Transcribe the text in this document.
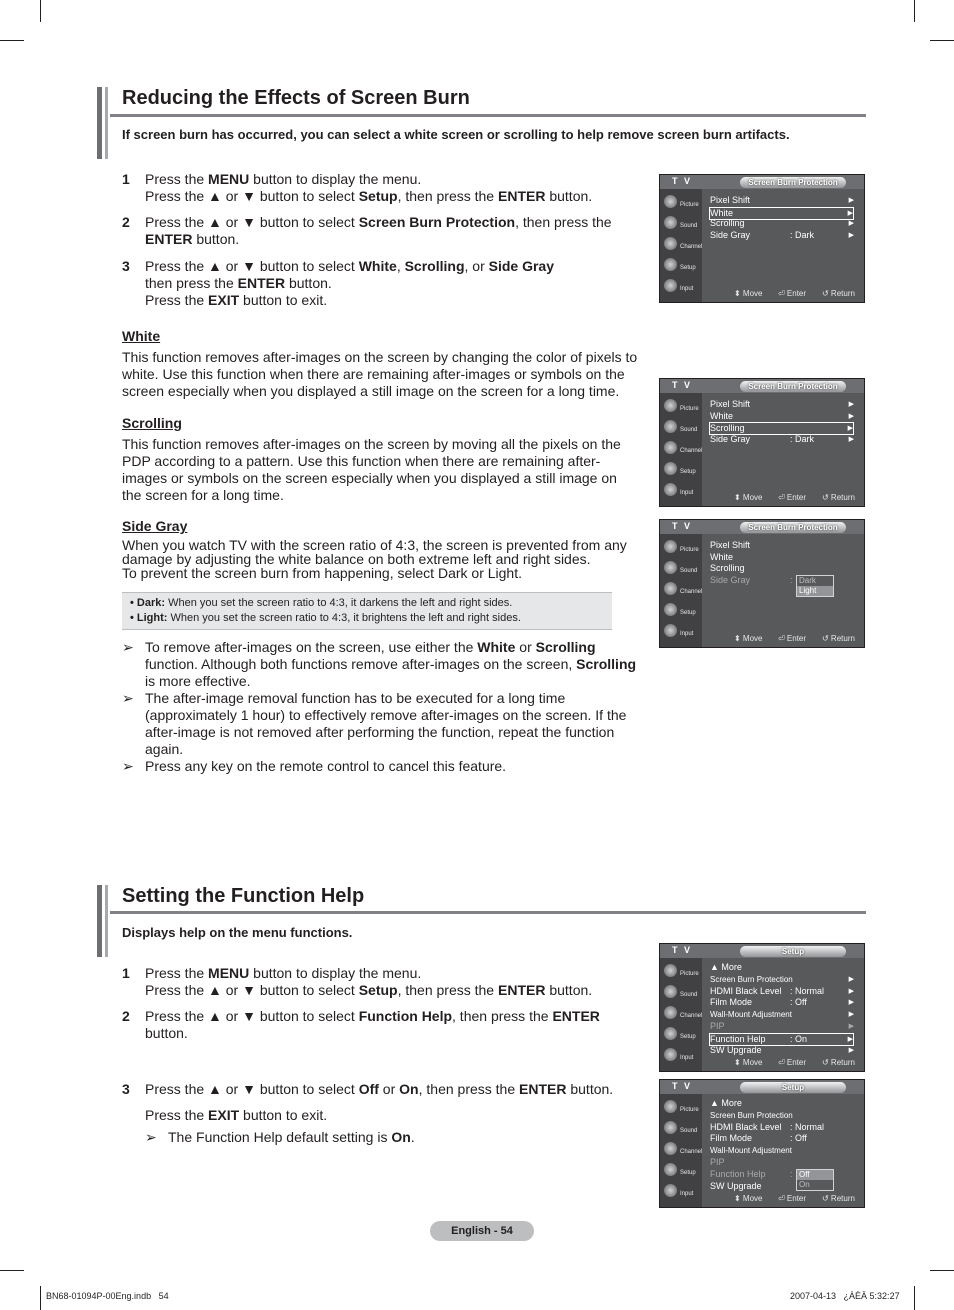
Reducing the Effects of Screen Burn
If screen burn has occurred, you can select a white screen or scrolling to help remove screen burn artifacts.
1 Press the MENU button to display the menu.
Press the ▲ or ▼ button to select Setup, then press the ENTER button.
2 Press the ▲ or ▼ button to select Screen Burn Protection, then press the ENTER button.
3 Press the ▲ or ▼ button to select White, Scrolling, or Side Gray
then press the ENTER button.
Press the EXIT button to exit.
White
This function removes after-images on the screen by changing the color of pixels to white. Use this function when there are remaining after-images or symbols on the screen especially when you displayed a still image on the screen for a long time.
Scrolling
This function removes after-images on the screen by moving all the pixels on the PDP according to a pattern. Use this function when there are remaining after-images or symbols on the screen especially when you displayed a still image on the screen for a long time.
Side Gray
When you watch TV with the screen ratio of 4:3, the screen is prevented from any damage by adjusting the white balance on both extreme left and right sides.
To prevent the screen burn from happening, select Dark or Light.
• Dark: When you set the screen ratio to 4:3, it darkens the left and right sides.
• Light: When you set the screen ratio to 4:3, it brightens the left and right sides.
➢ To remove after-images on the screen, use either the White or Scrolling function. Although both functions remove after-images on the screen, Scrolling is more effective.
➢ The after-image removal function has to be executed for a long time (approximately 1 hour) to effectively remove after-images on the screen. If the after-image is not removed after performing the function, repeat the function again.
➢ Press any key on the remote control to cancel this feature.
Setting the Function Help
Displays help on the menu functions.
1 Press the MENU button to display the menu.
Press the ▲ or ▼ button to select Setup, then press the ENTER button.
2 Press the ▲ or ▼ button to select Function Help, then press the ENTER
button.
3 Press the ▲ or ▼ button to select Off or On, then press the ENTER button.
Press the EXIT button to exit.
➢ The Function Help default setting is On.
T V	Screen Burn Protection
Picture
Sound
Channel
Setup
Input
Pixel Shift	▶
White	▶
Scrolling	▶
Side Gray	: Dark	▶
⬍ Move ⏎ Enter ↺ Return
T V	Screen Burn Protection
Picture
Sound
Channel
Setup
Input
Pixel Shift	▶
White	▶
Scrolling	▶
Side Gray	: Dark	▶
⬍ Move ⏎ Enter ↺ Return
T V	Screen Burn Protection
Picture
Sound
Channel
Setup
Input
Pixel Shift
White
Scrolling
Side Gray	: Dark
Light
⬍ Move ⏎ Enter ↺ Return
T V	Setup
Picture
Sound
Channel
Setup
Input
▲ More
Screen Burn Protection	▶
HDMI Black Level : Normal	▶
Film Mode	: Off	▶
Wall-Mount Adjustment	▶
PIP	▶
Function Help	: On	▶
SW Upgrade	▶
⬍ Move ⏎ Enter ↺ Return
T V	Setup
Picture
Sound
Channel
Setup
Input
▲ More
Screen Burn Protection
HDMI Black Level : Normal
Film Mode	: Off
Wall-Mount Adjustment
PIP
Function Help	:
SW Upgrade
Off
On
⬍ Move ⏎ Enter ↺ Return
English - 54
BN68-01094P-00Eng.indb   54	2007-04-13   ¿ÀÈÄ 5:32:27
